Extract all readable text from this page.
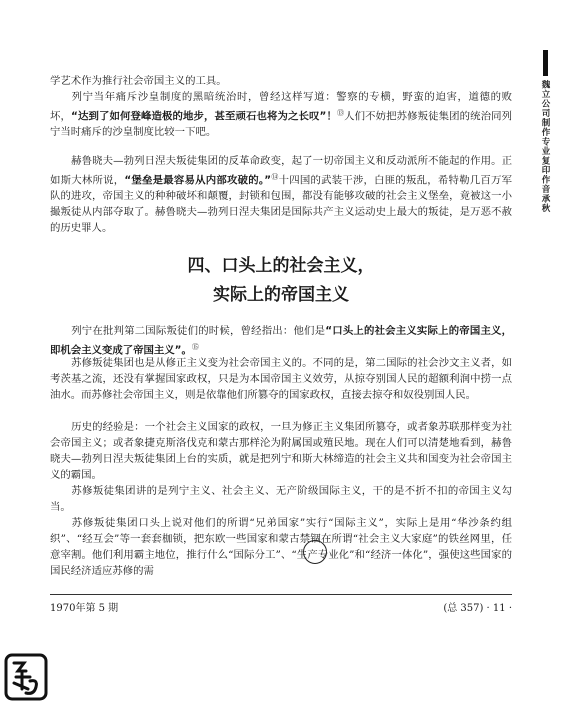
学艺术作为推行社会帝国主义的工具。

列宁当年痛斥沙皇制度的黑暗统治时，曾经这样写道：警察的专横，野蛮的迫害，道德的败坏，“达到了如何登峰造极的地步，甚至顽石也将为之长叹”！⑬人们不妨把苏修叛徒集团的统治同列宁当时痛斥的沙皇制度比较一下吧。

赫鲁晓夫—勃列日涅夫叛徒集团的反革命政变，起了一切帝国主义和反动派所不能起的作用。正如斯大林所说，“堡垒是最容易从内部攻破的。”⑭十四国的武装干涉，白匪的叛乱，希特勒几百万军队的进攻，帝国主义的种种破坏和颠覆，封锁和包围，都没有能够攻破的社会主义堡垒，竟被这一小撮叛徒从内部夺取了。赫鲁晓夫—勃列日涅夫集团是国际共产主义运动史上最大的叛徒，是万恶不赦的历史罪人。

四、口头上的社会主义，
实际上的帝国主义

列宁在批判第二国际叛徒们的时候，曾经指出：他们是“口头上的社会主义实际上的帝国主义，即机会主义变成了帝国主义”。⑮

苏修叛徒集团也是从修正主义变为社会帝国主义的。不同的是，第二国际的社会沙文主义者，如考茨基之流，还没有掌握国家政权，只是为本国帝国主义效劳，从掠夺别国人民的超额利润中捞一点油水。而苏修社会帝国主义，则是依靠他们所篡夺的国家政权，直接去掠夺和奴役别国人民。

历史的经验是：一个社会主义国家的政权，一旦为修正主义集团所篡夺，或者象苏联那样变为社会帝国主义；或者象捷克斯洛伐克和蒙古那样沦为附属国或殖民地。现在人们可以清楚地看到，赫鲁晓夫—勃列日涅夫叛徒集团上台的实质，就是把列宁和斯大林缔造的社会主义共和国变为社会帝国主义的霸国。

苏修叛徒集团讲的是列宁主义、社会主义、无产阶级国际主义，干的是不折不扣的帝国主义勾当。

苏修叛徒集团口头上说对他们的所谓“兄弟国家”实行“国际主义”，实际上是用“华沙条约组织”、“经互会”等一套套枷锁，把东欧一些国家和蒙古禁锢在所谓“社会主义大家庭”的铁丝网里，任意宰割。他们利用霸主地位，推行什么“国际分工”、“生产专业化”和“经济一体化”，强使这些国家的国民经济适应苏修的需

1970年第 5 期	(总 357) · 11 ·
魏立公司制作专业复印作音承秋
